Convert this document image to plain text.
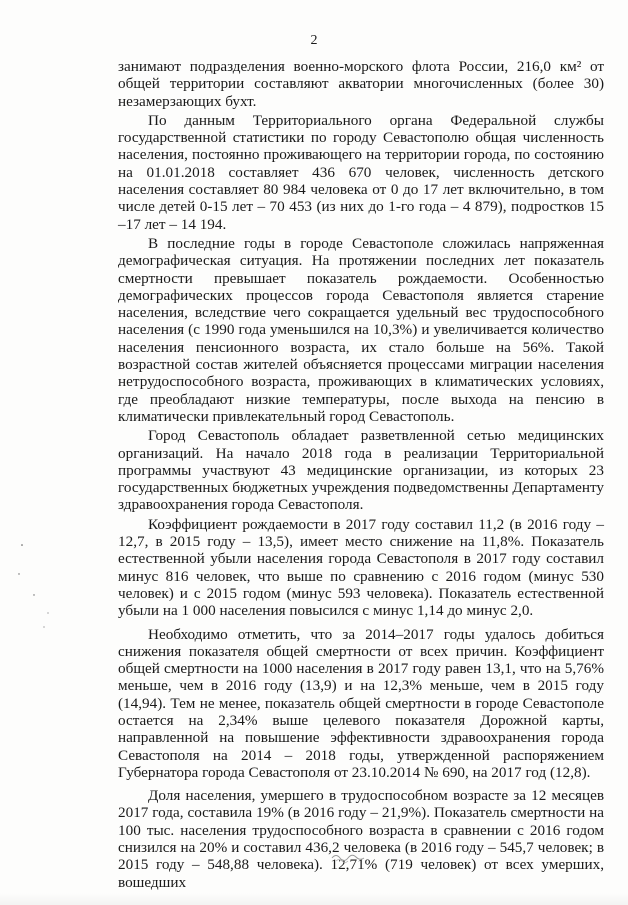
2

занимают подразделения военно-морского флота России, 216,0 км² от общей территории составляют акватории многочисленных (более 30) незамерзающих бухт.

По данным Территориального органа Федеральной службы государственной статистики по городу Севастополю общая численность населения, постоянно проживающего на территории города, по состоянию на 01.01.2018 составляет 436 670 человек, численность детского населения составляет 80 984 человека от 0 до 17 лет включительно, в том числе детей 0-15 лет – 70 453 (из них до 1-го года – 4 879), подростков 15 –17 лет – 14 194.

В последние годы в городе Севастополе сложилась напряженная демографическая ситуация. На протяжении последних лет показатель смертности превышает показатель рождаемости. Особенностью демографических процессов города Севастополя является старение населения, вследствие чего сокращается удельный вес трудоспособного населения (с 1990 года уменьшился на 10,3%) и увеличивается количество населения пенсионного возраста, их стало больше на 56%. Такой возрастной состав жителей объясняется процессами миграции населения нетрудоспособного возраста, проживающих в климатических условиях, где преобладают низкие температуры, после выхода на пенсию в климатически привлекательный город Севастополь.

Город Севастополь обладает разветвленной сетью медицинских организаций. На начало 2018 года в реализации Территориальной программы участвуют 43 медицинские организации, из которых 23 государственных бюджетных учреждения подведомственны Департаменту здравоохранения города Севастополя.

Коэффициент рождаемости в 2017 году составил 11,2 (в 2016 году – 12,7, в 2015 году – 13,5), имеет место снижение на 11,8%. Показатель естественной убыли населения города Севастополя в 2017 году составил минус 816 человек, что выше по сравнению с 2016 годом (минус 530 человек) и с 2015 годом (минус 593 человека). Показатель естественной убыли на 1 000 населения повысился с минус 1,14 до минус 2,0.

Необходимо отметить, что за 2014–2017 годы удалось добиться снижения показателя общей смертности от всех причин. Коэффициент общей смертности на 1000 населения в 2017 году равен 13,1, что на 5,76% меньше, чем в 2016 году (13,9) и на 12,3% меньше, чем в 2015 году (14,94). Тем не менее, показатель общей смертности в городе Севастополе остается на 2,34% выше целевого показателя Дорожной карты, направленной на повышение эффективности здравоохранения города Севастополя на 2014 – 2018 годы, утвержденной распоряжением Губернатора города Севастополя от 23.10.2014 № 690, на 2017 год (12,8).

Доля населения, умершего в трудоспособном возрасте за 12 месяцев 2017 года, составила 19% (в 2016 году – 21,9%). Показатель смертности на 100 тыс. населения трудоспособного возраста в сравнении с 2016 годом снизился на 20% и составил 436,2 человека (в 2016 году – 545,7 человек; в 2015 году – 548,88 человека). 12,71% (719 человек) от всех умерших, вошедших
